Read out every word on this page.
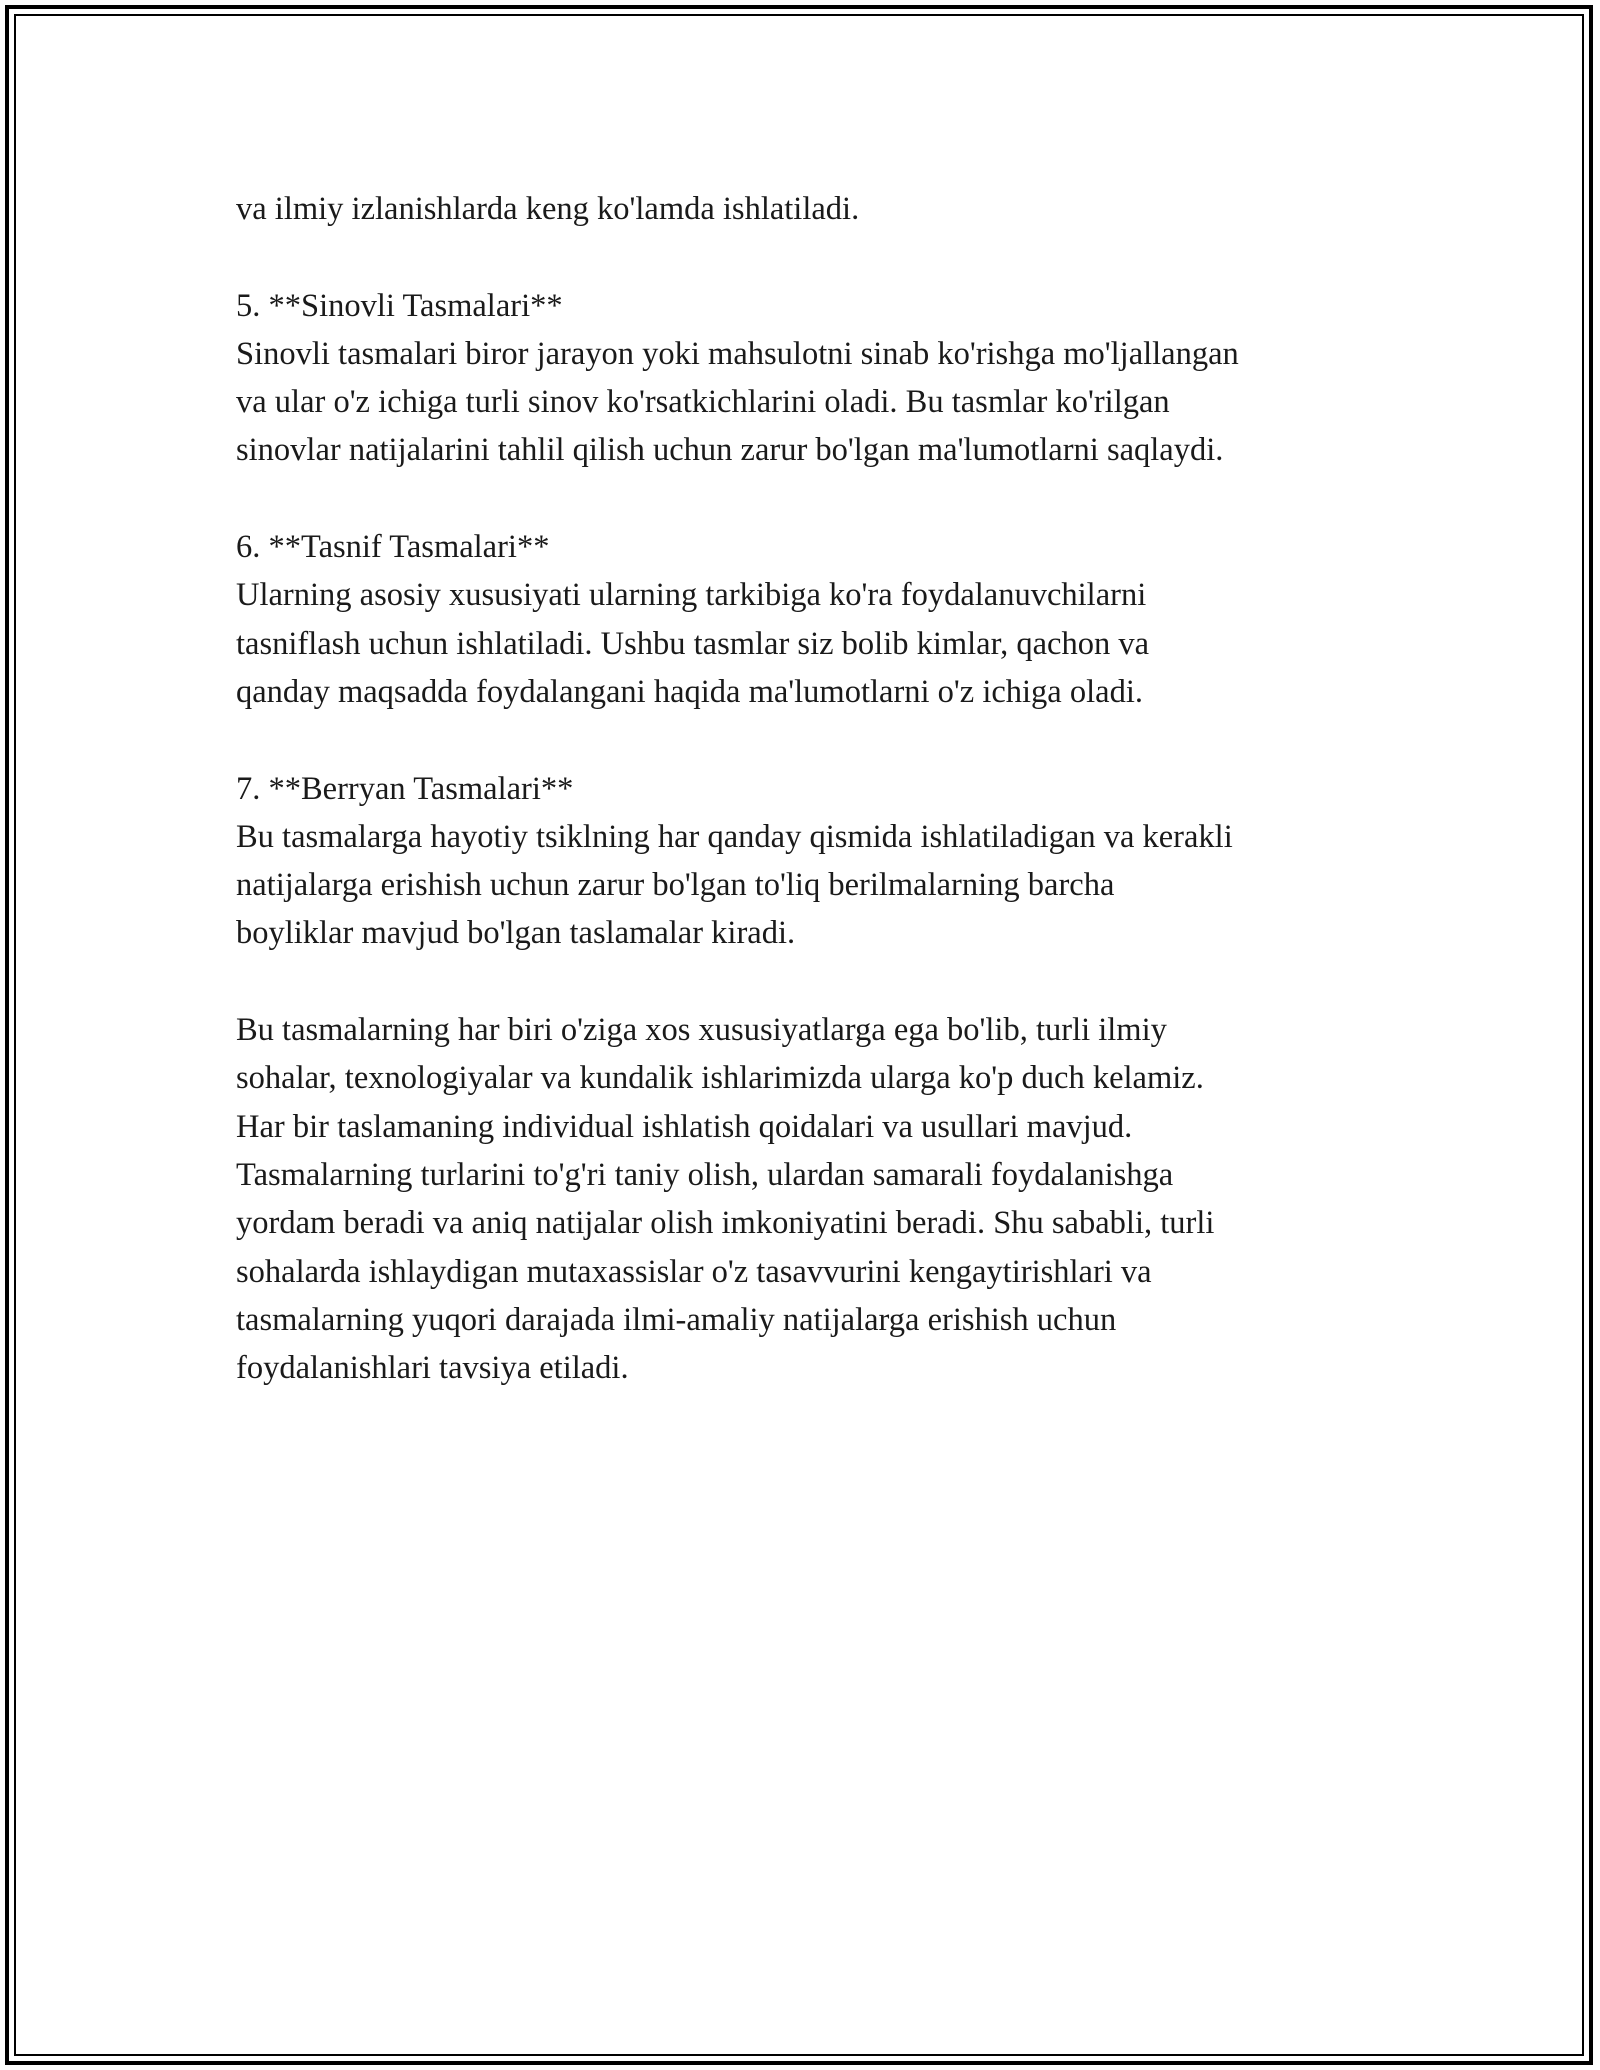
va ilmiy izlanishlarda keng ko'lamda ishlatiladi.
5. **Sinovli Tasmalari**
Sinovli tasmalari biror jarayon yoki mahsulotni sinab ko'rishga mo'ljallangan
va ular o'z ichiga turli sinov ko'rsatkichlarini oladi. Bu tasmlar ko'rilgan
sinovlar natijalarini tahlil qilish uchun zarur bo'lgan ma'lumotlarni saqlaydi.
6. **Tasnif Tasmalari**
Ularning asosiy xususiyati ularning tarkibiga ko'ra foydalanuvchilarni
tasniflash uchun ishlatiladi. Ushbu tasmlar siz bolib kimlar, qachon va
qanday maqsadda foydalangani haqida ma'lumotlarni o'z ichiga oladi.
7. **Berryan Tasmalari**
Bu tasmalarga hayotiy tsiklning har qanday qismida ishlatiladigan va kerakli
natijalarga erishish uchun zarur bo'lgan to'liq berilmalarning barcha
boyliklar mavjud bo'lgan taslamalar kiradi.
Bu tasmalarning har biri o'ziga xos xususiyatlarga ega bo'lib, turli ilmiy
sohalar, texnologiyalar va kundalik ishlarimizda ularga ko'p duch kelamiz.
Har bir taslamaning individual ishlatish qoidalari va usullari mavjud.
Tasmalarning turlarini to'g'ri taniy olish, ulardan samarali foydalanishga
yordam beradi va aniq natijalar olish imkoniyatini beradi. Shu sababli, turli
sohalarda ishlaydigan mutaxassislar o'z tasavvurini kengaytirishlari va
tasmalarning yuqori darajada ilmi-amaliy natijalarga erishish uchun
foydalanishlari tavsiya etiladi.
